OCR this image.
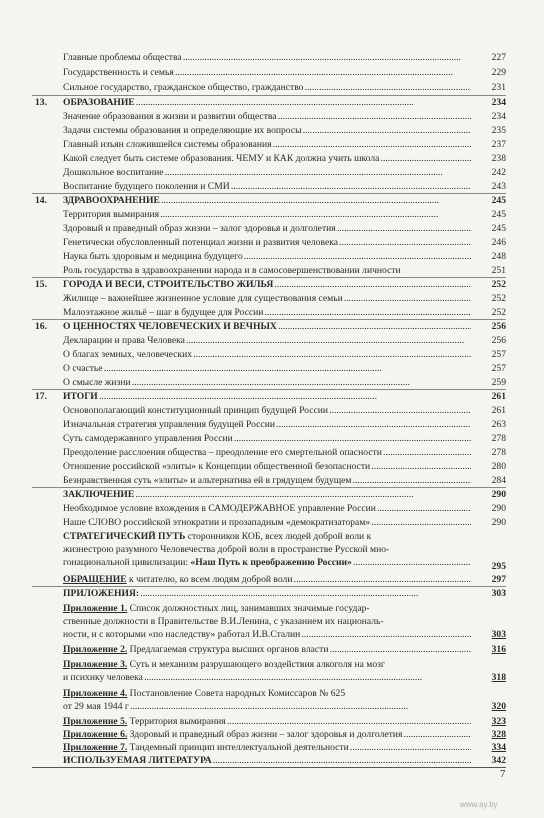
Главные проблемы общества . . .	227
Государственность и семья . . .	229
Сильное государство, гражданское общество, гражданство . . .	231
13.	ОБРАЗОВАНИЕ . . .	234
Значение образования в жизни и развитии общества . . .	234
Задачи системы образования и определяющие их вопросы . . .	235
Главный изъян сложившейся системы образования . . .	237
Какой следует быть системе образования. ЧЕМУ и КАК должна учить школа . . .	238
Дошкольное воспитание . . .	242
Воспитание будущего поколения и СМИ . . .	243
14.	ЗДРАВООХРАНЕНИЕ . . .	245
Территория вымирания . . .	245
Здоровый и праведный образ жизни – залог здоровья и долголетия . . .	245
Генетически обусловленный потенциал жизни и развития человека . . .	246
Наука быть здоровым и медицина будущего . . .	248
Роль государства в здравоохранении народа и в самосовершенствовании личности	251
15.	ГОРОДА И ВЕСИ, СТРОИТЕЛЬСТВО ЖИЛЬЯ . . .	252
Жилище – важнейшее жизненное условие для существования семьи . . .	252
Малоэтажное жильё – шаг в будущее для России . . .	252
16.	О ЦЕННОСТЯХ ЧЕЛОВЕЧЕСКИХ И ВЕЧНЫХ . . .	256
Декларации и права Человека . . .	256
О благах земных, человеческих . . .	257
О счастье . . .	257
О смысле жизни . . .	259
17.	ИТОГИ . . .	261
Основополагающий конституционный принцип будущей России . . .	261
Изначальная стратегия управления будущей России . . .	263
Суть самодержавного управления России . . .	278
Преодоление расслоения общества – преодоление его смертельной опасности . . .	278
Отношение российской «элиты» к Концепции общественной безопасности . . .	280
Безнравственная суть «элиты» и альтернатива ей в грядущем будущем . . .	284
ЗАКЛЮЧЕНИЕ . . .	290
Необходимое условие вхождения в САМОДЕРЖАВНОЕ управление России . . .	290
Наше СЛОВО российской этнократии и прозападным «демократизаторам» . . .	290
СТРАТЕГИЧЕСКИЙ ПУТЬ сторонников КОБ, всех людей доброй воли к
жизнестрою разумного Человечества доброй воли в пространстве Русской мно-
гонациональной цивилизации: «Наш Путь к преображению России» . . .	295
ОБРАЩЕНИЕ к читателю, ко всем людям доброй воли . . .	297
ПРИЛОЖЕНИЯ: . . .	303
Приложение 1. Список должностных лиц, занимавших значимые государ-
ственные должности в Правительстве В.И.Ленина, с указанием их националь-
ности, и с которыми «по наследству» работал И.В.Сталин . . .	303
Приложение 2. Предлагаемая структура высших органов власти . . .	316
Приложение 3. Суть и механизм разрушающего воздействия алкоголя на мозг
и психику человека . . .	318
Приложение 4. Постановление Совета народных Комиссаров № 625
от 29 мая 1944 г . . .	320
Приложение 5. Территория вымирания . . .	323
Приложение 6. Здоровый и праведный образ жизни – залог здоровья и долголетия . . .	328
Приложение 7. Тандемный принцип интеллектуальной деятельности . . .	334
ИСПОЛЬЗУЕМАЯ ЛИТЕРАТУРА . . .	342
7
www.ay.by
